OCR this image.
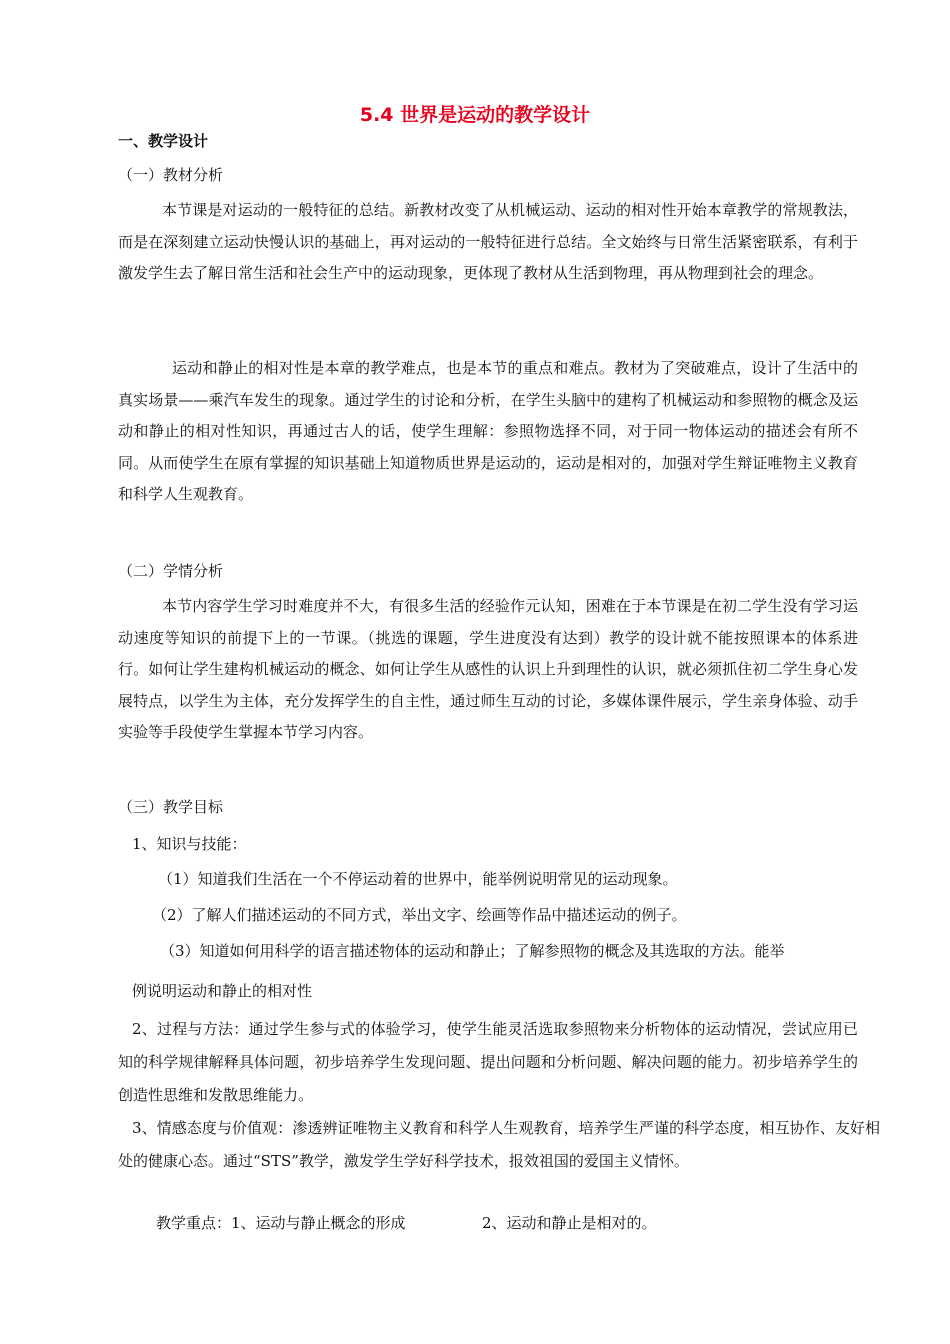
5.4 世界是运动的教学设计
一、教学设计
（一）教材分析
本节课是对运动的一般特征的总结。新教材改变了从机械运动、运动的相对性开始本章教学的常规教法，而是在深刻建立运动快慢认识的基础上，再对运动的一般特征进行总结。全文始终与日常生活紧密联系，有利于激发学生去了解日常生活和社会生产中的运动现象，更体现了教材从生活到物理，再从物理到社会的理念。
运动和静止的相对性是本章的教学难点，也是本节的重点和难点。教材为了突破难点，设计了生活中的真实场景——乘汽车发生的现象。通过学生的讨论和分析，在学生头脑中的建构了机械运动和参照物的概念及运动和静止的相对性知识，再通过古人的话，使学生理解：参照物选择不同，对于同一物体运动的描述会有所不同。从而使学生在原有掌握的知识基础上知道物质世界是运动的，运动是相对的，加强对学生辩证唯物主义教育和科学人生观教育。
（二）学情分析
本节内容学生学习时难度并不大，有很多生活的经验作元认知，困难在于本节课是在初二学生没有学习运动速度等知识的前提下上的一节课。（挑选的课题，学生进度没有达到）教学的设计就不能按照课本的体系进行。如何让学生建构机械运动的概念、如何让学生从感性的认识上升到理性的认识，就必须抓住初二学生身心发展特点，以学生为主体，充分发挥学生的自主性，通过师生互动的讨论，多媒体课件展示，学生亲身体验、动手实验等手段使学生掌握本节学习内容。
（三）教学目标
1、知识与技能：
（1）知道我们生活在一个不停运动着的世界中，能举例说明常见的运动现象。
（2）了解人们描述运动的不同方式，举出文字、绘画等作品中描述运动的例子。
（3）知道如何用科学的语言描述物体的运动和静止；了解参照物的概念及其选取的方法。能举
例说明运动和静止的相对性
2、过程与方法：通过学生参与式的体验学习，使学生能灵活选取参照物来分析物体的运动情况，尝试应用已知的科学规律解释具体问题，初步培养学生发现问题、提出问题和分析问题、解决问题的能力。初步培养学生的创造性思维和发散思维能力。
3、情感态度与价值观：渗透辨证唯物主义教育和科学人生观教育，培养学生严谨的科学态度，相互协作、友好相处的健康心态。通过“STS”教学，激发学生学好科学技术，报效祖国的爱国主义情怀。
教学重点：1、运动与静止概念的形成	2、运动和静止是相对的。
